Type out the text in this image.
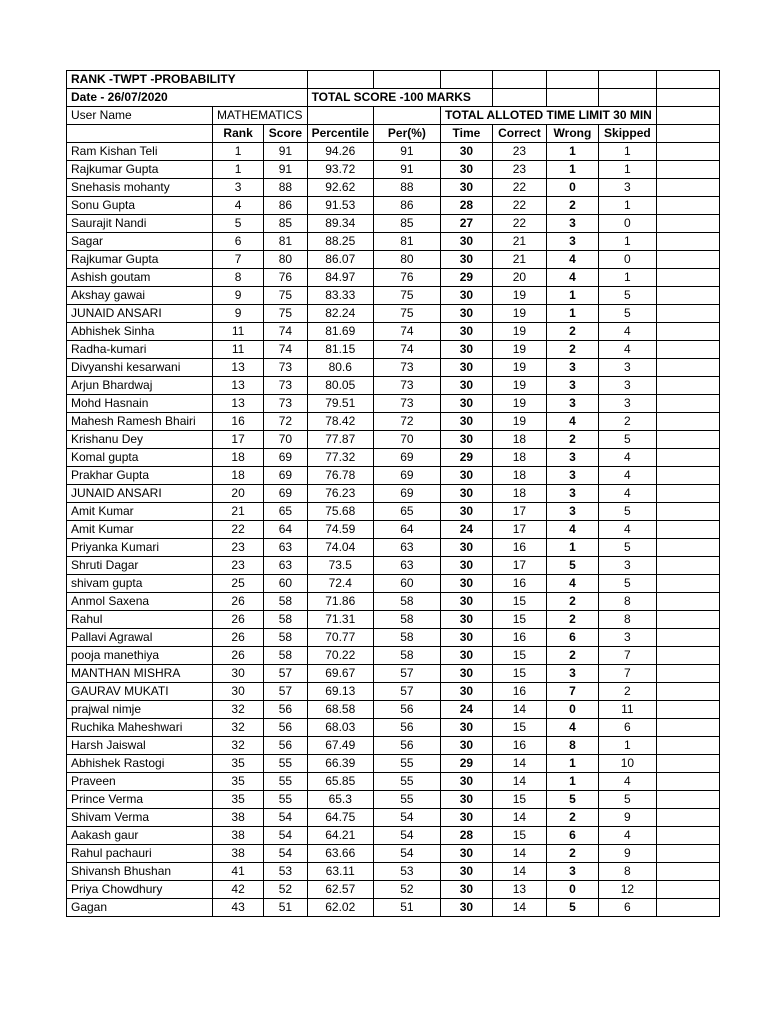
RANK -TWPT -PROBABILITY									
Date - 26/07/2020			TOTAL SCORE -100 MARKS						
User Name	MATHEMATICS				TOTAL ALLOTED TIME LIMIT 30 MIN				
	Rank	Score	Percentile	Per(%)	Time	Correct	Wrong	Skipped	
Ram Kishan Teli	1	91	94.26	91	30	23	1	1	
Rajkumar Gupta	1	91	93.72	91	30	23	1	1	
Snehasis mohanty	3	88	92.62	88	30	22	0	3	
Sonu Gupta	4	86	91.53	86	28	22	2	1	
Saurajit Nandi	5	85	89.34	85	27	22	3	0	
Sagar	6	81	88.25	81	30	21	3	1	
Rajkumar Gupta	7	80	86.07	80	30	21	4	0	
Ashish goutam	8	76	84.97	76	29	20	4	1	
Akshay gawai	9	75	83.33	75	30	19	1	5	
JUNAID ANSARI	9	75	82.24	75	30	19	1	5	
Abhishek Sinha	11	74	81.69	74	30	19	2	4	
Radha-kumari	11	74	81.15	74	30	19	2	4	
Divyanshi kesarwani	13	73	80.6	73	30	19	3	3	
Arjun Bhardwaj	13	73	80.05	73	30	19	3	3	
Mohd Hasnain	13	73	79.51	73	30	19	3	3	
Mahesh Ramesh Bhairi	16	72	78.42	72	30	19	4	2	
Krishanu Dey	17	70	77.87	70	30	18	2	5	
Komal gupta	18	69	77.32	69	29	18	3	4	
Prakhar Gupta	18	69	76.78	69	30	18	3	4	
JUNAID ANSARI	20	69	76.23	69	30	18	3	4	
Amit Kumar	21	65	75.68	65	30	17	3	5	
Amit Kumar	22	64	74.59	64	24	17	4	4	
Priyanka Kumari	23	63	74.04	63	30	16	1	5	
Shruti Dagar	23	63	73.5	63	30	17	5	3	
shivam gupta	25	60	72.4	60	30	16	4	5	
Anmol Saxena	26	58	71.86	58	30	15	2	8	
Rahul	26	58	71.31	58	30	15	2	8	
Pallavi Agrawal	26	58	70.77	58	30	16	6	3	
pooja manethiya	26	58	70.22	58	30	15	2	7	
MANTHAN MISHRA	30	57	69.67	57	30	15	3	7	
GAURAV MUKATI	30	57	69.13	57	30	16	7	2	
prajwal nimje	32	56	68.58	56	24	14	0	11	
Ruchika Maheshwari	32	56	68.03	56	30	15	4	6	
Harsh Jaiswal	32	56	67.49	56	30	16	8	1	
Abhishek Rastogi	35	55	66.39	55	29	14	1	10	
Praveen	35	55	65.85	55	30	14	1	4	
Prince Verma	35	55	65.3	55	30	15	5	5	
Shivam Verma	38	54	64.75	54	30	14	2	9	
Aakash gaur	38	54	64.21	54	28	15	6	4	
Rahul pachauri	38	54	63.66	54	30	14	2	9	
Shivansh Bhushan	41	53	63.11	53	30	14	3	8	
Priya Chowdhury	42	52	62.57	52	30	13	0	12	
Gagan	43	51	62.02	51	30	14	5	6	
